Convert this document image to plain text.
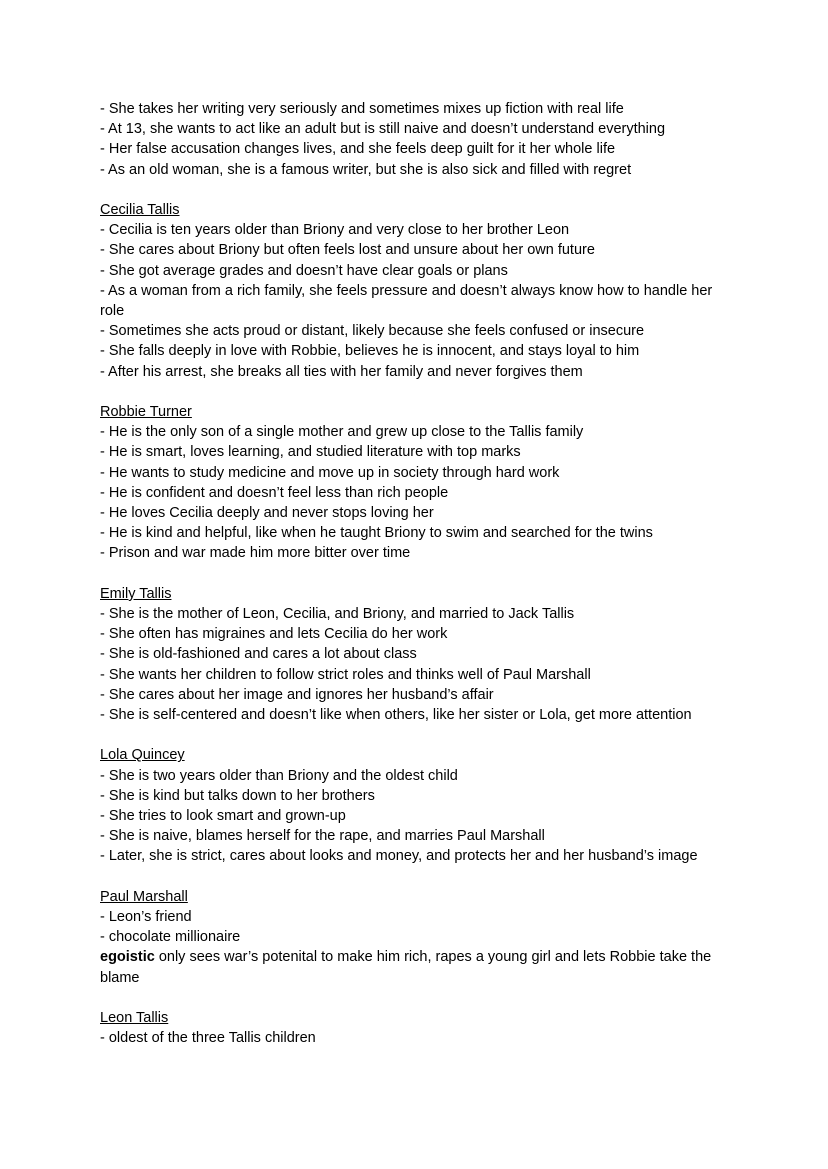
- She takes her writing very seriously and sometimes mixes up fiction with real life

- At 13, she wants to act like an adult but is still naive and doesn’t understand everything

- Her false accusation changes lives, and she feels deep guilt for it her whole life

- As an old woman, she is a famous writer, but she is also sick and filled with regret

Cecilia Tallis

- Cecilia is ten years older than Briony and very close to her brother Leon

- She cares about Briony but often feels lost and unsure about her own future

- She got average grades and doesn’t have clear goals or plans

- As a woman from a rich family, she feels pressure and doesn’t always know how to handle her role

- Sometimes she acts proud or distant, likely because she feels confused or insecure

- She falls deeply in love with Robbie, believes he is innocent, and stays loyal to him

- After his arrest, she breaks all ties with her family and never forgives them

Robbie Turner

- He is the only son of a single mother and grew up close to the Tallis family

- He is smart, loves learning, and studied literature with top marks

- He wants to study medicine and move up in society through hard work

- He is confident and doesn’t feel less than rich people

- He loves Cecilia deeply and never stops loving her

- He is kind and helpful, like when he taught Briony to swim and searched for the twins

- Prison and war made him more bitter over time

Emily Tallis

- She is the mother of Leon, Cecilia, and Briony, and married to Jack Tallis

- She often has migraines and lets Cecilia do her work

- She is old-fashioned and cares a lot about class

- She wants her children to follow strict roles and thinks well of Paul Marshall

- She cares about her image and ignores her husband’s affair

- She is self-centered and doesn’t like when others, like her sister or Lola, get more attention

Lola Quincey

- She is two years older than Briony and the oldest child

- She is kind but talks down to her brothers

- She tries to look smart and grown-up

- She is naive, blames herself for the rape, and marries Paul Marshall

- Later, she is strict, cares about looks and money, and protects her and her husband’s image

Paul Marshall

- Leon’s friend

- chocolate millionaire

egoistic only sees war’s potenital to make him rich, rapes a young girl and lets Robbie take the blame

Leon Tallis

- oldest of the three Tallis children
